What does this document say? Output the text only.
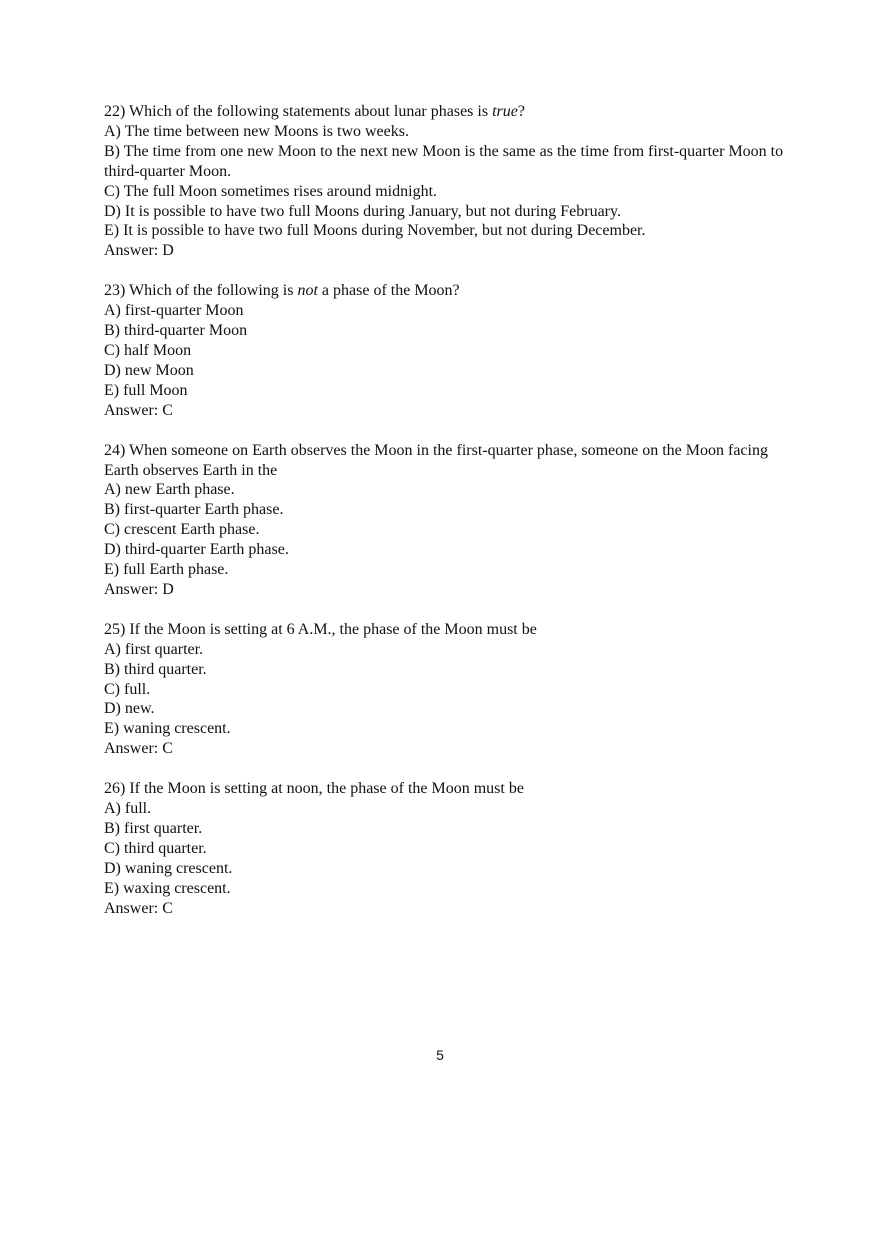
22) Which of the following statements about lunar phases is true?
A) The time between new Moons is two weeks.
B) The time from one new Moon to the next new Moon is the same as the time from first-quarter Moon to third-quarter Moon.
C) The full Moon sometimes rises around midnight.
D) It is possible to have two full Moons during January, but not during February.
E) It is possible to have two full Moons during November, but not during December.
Answer: D
23) Which of the following is not a phase of the Moon?
A) first-quarter Moon
B) third-quarter Moon
C) half Moon
D) new Moon
E) full Moon
Answer: C
24) When someone on Earth observes the Moon in the first-quarter phase, someone on the Moon facing Earth observes Earth in the
A) new Earth phase.
B) first-quarter Earth phase.
C) crescent Earth phase.
D) third-quarter Earth phase.
E) full Earth phase.
Answer: D
25) If the Moon is setting at 6 A.M., the phase of the Moon must be
A) first quarter.
B) third quarter.
C) full.
D) new.
E) waning crescent.
Answer: C
26) If the Moon is setting at noon, the phase of the Moon must be
A) full.
B) first quarter.
C) third quarter.
D) waning crescent.
E) waxing crescent.
Answer: C
5
